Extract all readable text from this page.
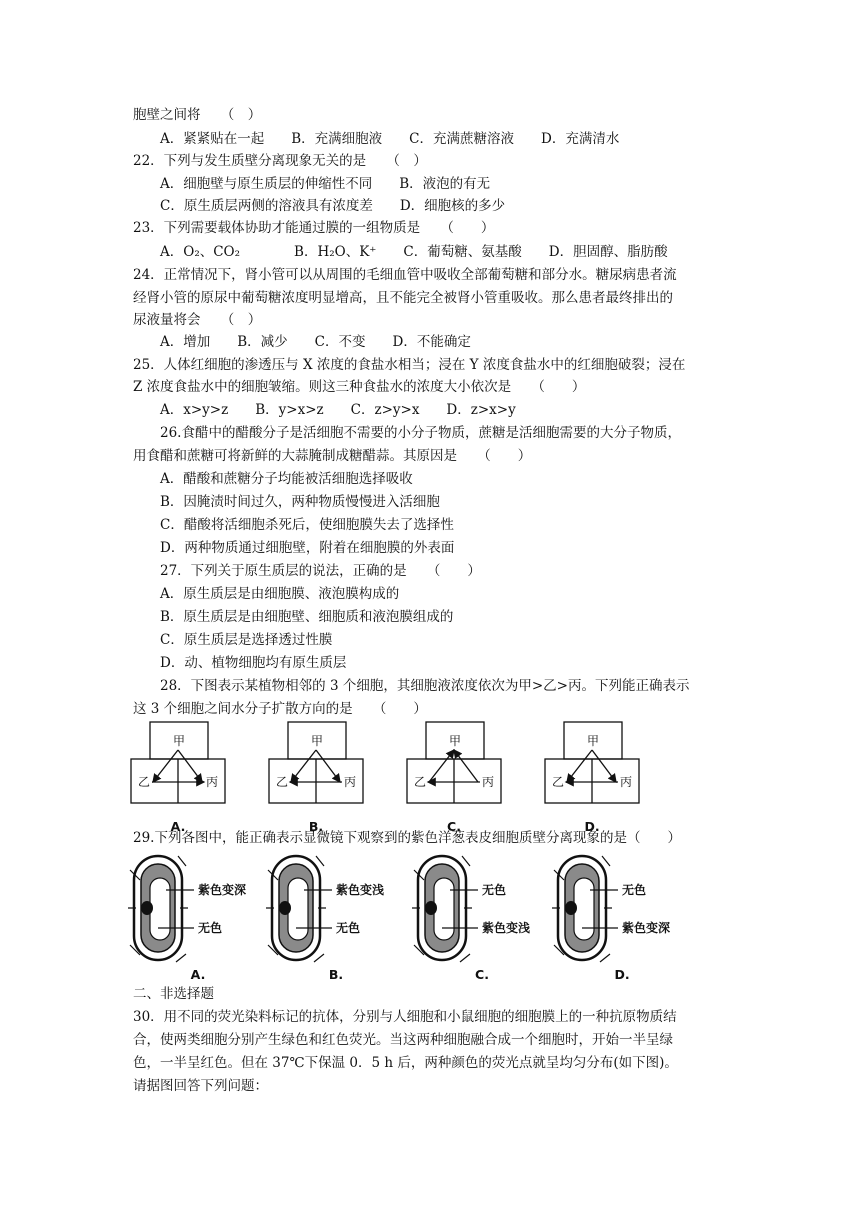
胞壁之间将　　（　）
A．紧紧贴在一起　　B．充满细胞液　　C．充满蔗糖溶液　　D．充满清水
22．下列与发生质壁分离现象无关的是　　（　）
A．细胞壁与原生质层的伸缩性不同　　B．液泡的有无
C．原生质层两侧的溶液具有浓度差　　D．细胞核的多少
23．下列需要载体协助才能通过膜的一组物质是　　（　　）
A．O₂、CO₂　　　　B．H₂O、K⁺　　C．葡萄糖、氨基酸　　D．胆固醇、脂肪酸
24．正常情况下，肾小管可以从周围的毛细血管中吸收全部葡萄糖和部分水。糖尿病患者流
经肾小管的原尿中葡萄糖浓度明显增高，且不能完全被肾小管重吸收。那么患者最终排出的
尿液量将会　　（　）
A．增加　　B．减少　　C．不变　　D．不能确定
25．人体红细胞的渗透压与 X 浓度的食盐水相当；浸在 Y 浓度食盐水中的红细胞破裂；浸在
Z 浓度食盐水中的细胞皱缩。则这三种食盐水的浓度大小依次是　　（　　）
A．x>y>z　　B．y>x>z　　C．z>y>x　　D．z>x>y
26.食醋中的醋酸分子是活细胞不需要的小分子物质，蔗糖是活细胞需要的大分子物质，
用食醋和蔗糖可将新鲜的大蒜腌制成糖醋蒜。其原因是　　（　　）
A．醋酸和蔗糖分子均能被活细胞选择吸收
B．因腌渍时间过久，两种物质慢慢进入活细胞
C．醋酸将活细胞杀死后，使细胞膜失去了选择性
D．两种物质通过细胞壁，附着在细胞膜的外表面
27．下列关于原生质层的说法，正确的是　　（　　）
A．原生质层是由细胞膜、液泡膜构成的
B．原生质层是由细胞壁、细胞质和液泡膜组成的
C．原生质层是选择透过性膜
D．动、植物细胞均有原生质层
28．下图表示某植物相邻的 3 个细胞，其细胞液浓度依次为甲>乙>丙。下列能正确表示
这 3 个细胞之间水分子扩散方向的是　　（　　）
29.下列各图中，能正确表示显微镜下观察到的紫色洋葱表皮细胞质壁分离现象的是（　　）
二、非选择题
30．用不同的荧光染料标记的抗体，分别与人细胞和小鼠细胞的细胞膜上的一种抗原物质结
合，使两类细胞分别产生绿色和红色荧光。当这两种细胞融合成一个细胞时，开始一半呈绿
色，一半呈红色。但在 37℃下保温 0．5 h 后，两种颜色的荧光点就呈均匀分布(如下图)。
请据图回答下列问题：
甲
乙	丙
A.
甲
乙	丙
B.
甲
乙	丙
C.
甲
乙	丙
D.
紫色变深
无色
A.
紫色变浅
无色
B.
无色
紫色变浅
C.
无色
紫色变深
D.
